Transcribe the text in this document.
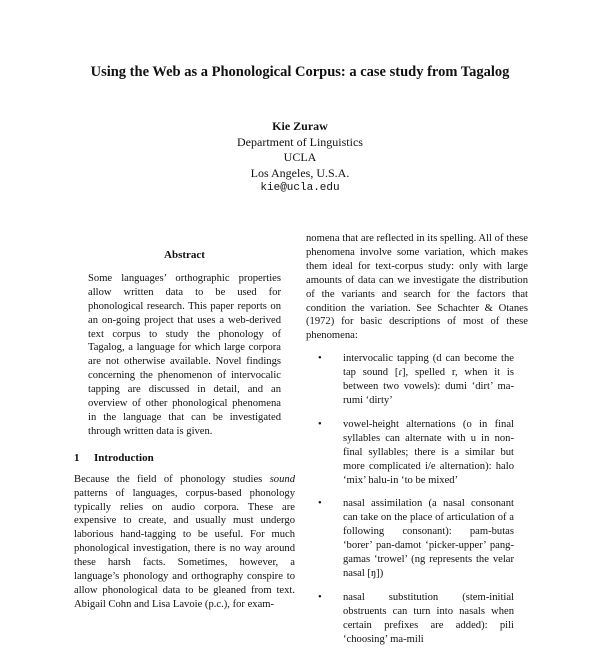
Using the Web as a Phonological Corpus: a case study from Tagalog
Kie Zuraw
Department of Linguistics
UCLA
Los Angeles, U.S.A.
kie@ucla.edu
Abstract

Some languages’ orthographic properties allow written data to be used for phonological research. This paper reports on an on-going project that uses a web-derived text corpus to study the phonology of Tagalog, a language for which large corpora are not otherwise available. Novel findings concerning the phenomenon of intervocalic tapping are discussed in detail, and an overview of other phonological phenomena in the language that can be investigated through written data is given.

1 Introduction

Because the field of phonology studies sound patterns of languages, corpus-based phonology typically relies on audio corpora. These are expensive to create, and usually must undergo laborious hand-tagging to be useful. For much phonological investigation, there is no way around these harsh facts. Sometimes, however, a language’s phonology and orthography conspire to allow phonological data to be gleaned from text. Abigail Cohn and Lisa Lavoie (p.c.), for exam-

nomena that are reflected in its spelling. All of these phenomena involve some variation, which makes them ideal for text-corpus study: only with large amounts of data can we investigate the distribution of the variants and search for the factors that condition the variation. See Schachter & Otanes (1972) for basic descriptions of most of these phenomena:

• intervocalic tapping (d can become the tap sound [ɾ], spelled r, when it is between two vowels): dumi ‘dirt’ ma-rumi ‘dirty’
• vowel-height alternations (o in final syllables can alternate with u in non-final syllables; there is a similar but more complicated i/e alternation): halo ‘mix’ halu-in ‘to be mixed’
• nasal assimilation (a nasal consonant can take on the place of articulation of a following consonant): pam-butas ‘borer’ pan-damot ‘picker-upper’ pang-gamas ‘trowel’ (ng represents the velar nasal [ŋ])
• nasal substitution (stem-initial obstruents can turn into nasals when certain prefixes are added): pili ‘choosing’ ma-mili
